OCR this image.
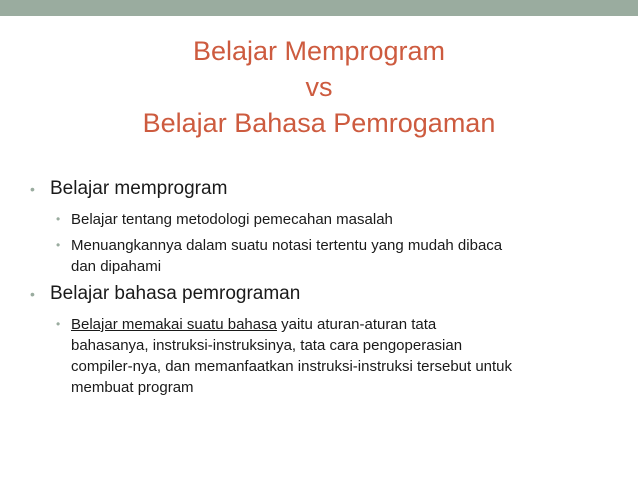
Belajar Memprogram
vs
Belajar Bahasa Pemrogaman
• Belajar memprogram
• Belajar tentang metodologi pemecahan masalah
• Menuangkannya dalam suatu notasi tertentu yang mudah dibaca
dan dipahami
• Belajar bahasa pemrograman
• Belajar memakai suatu bahasa yaitu aturan-aturan tata
bahasanya, instruksi-instruksinya, tata cara pengoperasian
compiler-nya, dan memanfaatkan instruksi-instruksi tersebut untuk
membuat program
